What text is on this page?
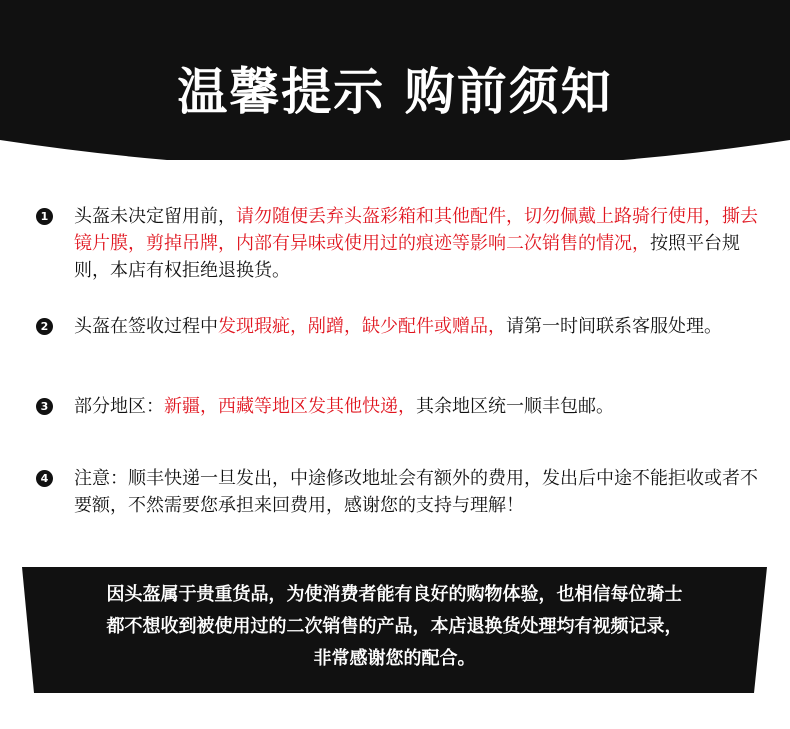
温馨提示 购前须知
1 头盔未决定留用前，请勿随便丢弃头盔彩箱和其他配件，切勿佩戴上路骑行使用，撕去镜片膜，剪掉吊牌，内部有异味或使用过的痕迹等影响二次销售的情况，按照平台规则，本店有权拒绝退换货。
2 头盔在签收过程中发现瑕疵，剐蹭，缺少配件或赠品，请第一时间联系客服处理。
3 部分地区：新疆，西藏等地区发其他快递，其余地区统一顺丰包邮。
4 注意：顺丰快递一旦发出，中途修改地址会有额外的费用，发出后中途不能拒收或者不要额，不然需要您承担来回费用，感谢您的支持与理解！
因头盔属于贵重货品，为使消费者能有良好的购物体验，也相信每位骑士
都不想收到被使用过的二次销售的产品，本店退换货处理均有视频记录，
非常感谢您的配合。
